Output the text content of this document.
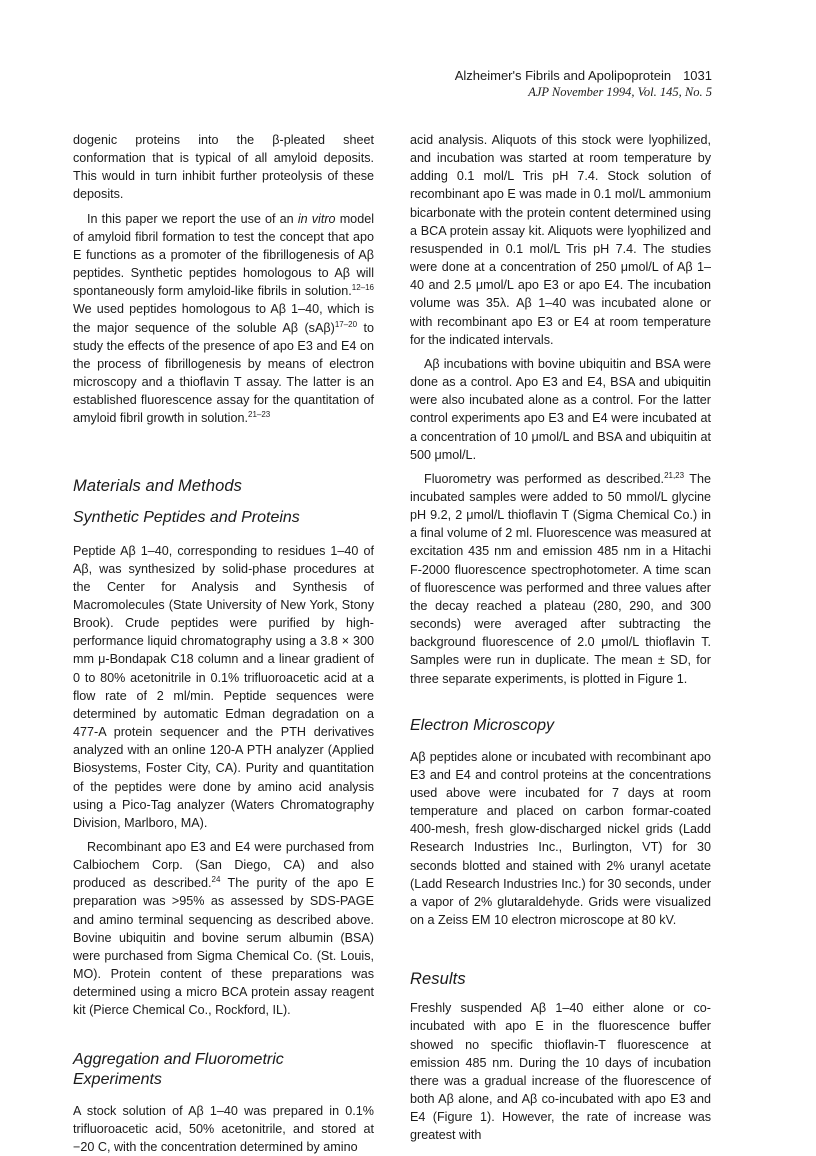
Alzheimer's Fibrils and Apolipoprotein 1031
AJP November 1994, Vol. 145, No. 5

dogenic proteins into the β-pleated sheet conformation that is typical of all amyloid deposits. This would in turn inhibit further proteolysis of these deposits.

In this paper we report the use of an in vitro model of amyloid fibril formation to test the concept that apo E functions as a promoter of the fibrillogenesis of Aβ peptides. Synthetic peptides homologous to Aβ will spontaneously form amyloid-like fibrils in solution.$^{12-16}$ We used peptides homologous to Aβ 1–40, which is the major sequence of the soluble Aβ $(sA\beta)^{17-20}$ to study the effects of the presence of apo E3 and E4 on the process of fibrillogenesis by means of electron microscopy and a thioflavin T assay. The latter is an established fluorescence assay for the quantitation of amyloid fibril growth in solution.$^{21-23}$

Materials and Methods
Synthetic Peptides and Proteins

Peptide Aβ 1–40, corresponding to residues 1–40 of Aβ, was synthesized by solid-phase procedures at the Center for Analysis and Synthesis of Macromolecules (State University of New York, Stony Brook). Crude peptides were purified by high-performance liquid chromatography using a 3.8 × 300 mm μ-Bondapak C18 column and a linear gradient of 0 to 80% acetonitrile in 0.1% trifluoroacetic acid at a flow rate of 2 ml/min. Peptide sequences were determined by automatic Edman degradation on a 477-A protein sequencer and the PTH derivatives analyzed with an online 120-A PTH analyzer (Applied Biosystems, Foster City, CA). Purity and quantitation of the peptides were done by amino acid analysis using a Pico-Tag analyzer (Waters Chromatography Division, Marlboro, MA).

Recombinant apo E3 and E4 were purchased from Calbiochem Corp. (San Diego, CA) and also produced as described.$^{24}$ The purity of the apo E preparation was >95% as assessed by SDS-PAGE and amino terminal sequencing as described above. Bovine ubiquitin and bovine serum albumin (BSA) were purchased from Sigma Chemical Co. (St. Louis, MO). Protein content of these preparations was determined using a micro BCA protein assay reagent kit (Pierce Chemical Co., Rockford, IL).

Aggregation and Fluorometric Experiments

A stock solution of Aβ 1–40 was prepared in 0.1% trifluoroacetic acid, 50% acetonitrile, and stored at −20 C, with the concentration determined by amino

acid analysis. Aliquots of this stock were lyophilized, and incubation was started at room temperature by adding 0.1 mol/L Tris pH 7.4. Stock solution of recombinant apo E was made in 0.1 mol/L ammonium bicarbonate with the protein content determined using a BCA protein assay kit. Aliquots were lyophilized and resuspended in 0.1 mol/L Tris pH 7.4. The studies were done at a concentration of 250 μmol/L of Aβ 1–40 and 2.5 μmol/L apo E3 or apo E4. The incubation volume was 35λ. Aβ 1–40 was incubated alone or with recombinant apo E3 or E4 at room temperature for the indicated intervals.

Aβ incubations with bovine ubiquitin and BSA were done as a control. Apo E3 and E4, BSA and ubiquitin were also incubated alone as a control. For the latter control experiments apo E3 and E4 were incubated at a concentration of 10 μmol/L and BSA and ubiquitin at 500 μmol/L.

Fluorometry was performed as described.$^{21,23}$ The incubated samples were added to 50 mmol/L glycine pH 9.2, 2 μmol/L thioflavin T (Sigma Chemical Co.) in a final volume of 2 ml. Fluorescence was measured at excitation 435 nm and emission 485 nm in a Hitachi F-2000 fluorescence spectrophotometer. A time scan of fluorescence was performed and three values after the decay reached a plateau (280, 290, and 300 seconds) were averaged after subtracting the background fluorescence of 2.0 μmol/L thioflavin T. Samples were run in duplicate. The mean ± SD, for three separate experiments, is plotted in Figure 1.

Electron Microscopy

Aβ peptides alone or incubated with recombinant apo E3 and E4 and control proteins at the concentrations used above were incubated for 7 days at room temperature and placed on carbon formar-coated 400-mesh, fresh glow-discharged nickel grids (Ladd Research Industries Inc., Burlington, VT) for 30 seconds blotted and stained with 2% uranyl acetate (Ladd Research Industries Inc.) for 30 seconds, under a vapor of 2% glutaraldehyde. Grids were visualized on a Zeiss EM 10 electron microscope at 80 kV.

Results

Freshly suspended Aβ 1–40 either alone or co-incubated with apo E in the fluorescence buffer showed no specific thioflavin-T fluorescence at emission 485 nm. During the 10 days of incubation there was a gradual increase of the fluorescence of both Aβ alone, and Aβ co-incubated with apo E3 and E4 (Figure 1). However, the rate of increase was greatest with
